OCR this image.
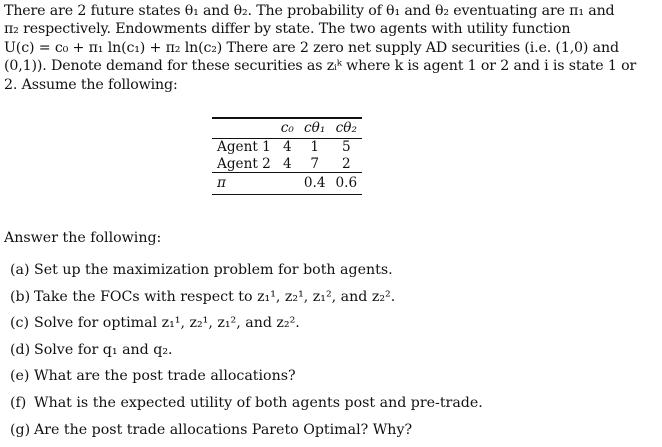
There are 2 future states θ₁ and θ₂. The probability of θ₁ and θ₂ eventuating are π₁ and

π₂ respectively. Endowments differ by state. The two agents with utility function

U(c) = c₀ + π₁ ln(c₁) + π₂ ln(c₂) There are 2 zero net supply AD securities (i.e. (1,0) and

(0,1)). Denote demand for these securities as zᵢᵏ where k is agent 1 or 2 and i is state 1 or

2. Assume the following:

	c₀	cθ₁	cθ₂
Agent 1	4	1	5
Agent 2	4	7	2
π		0.4	0.6
Answer the following:
(a) Set up the maximization problem for both agents.
(b) Take the FOCs with respect to z₁¹, z₂¹, z₁², and z₂².
(c) Solve for optimal z₁¹, z₂¹, z₁², and z₂².
(d) Solve for q₁ and q₂.
(e) What are the post trade allocations?
(f) What is the expected utility of both agents post and pre-trade.
(g) Are the post trade allocations Pareto Optimal? Why?
